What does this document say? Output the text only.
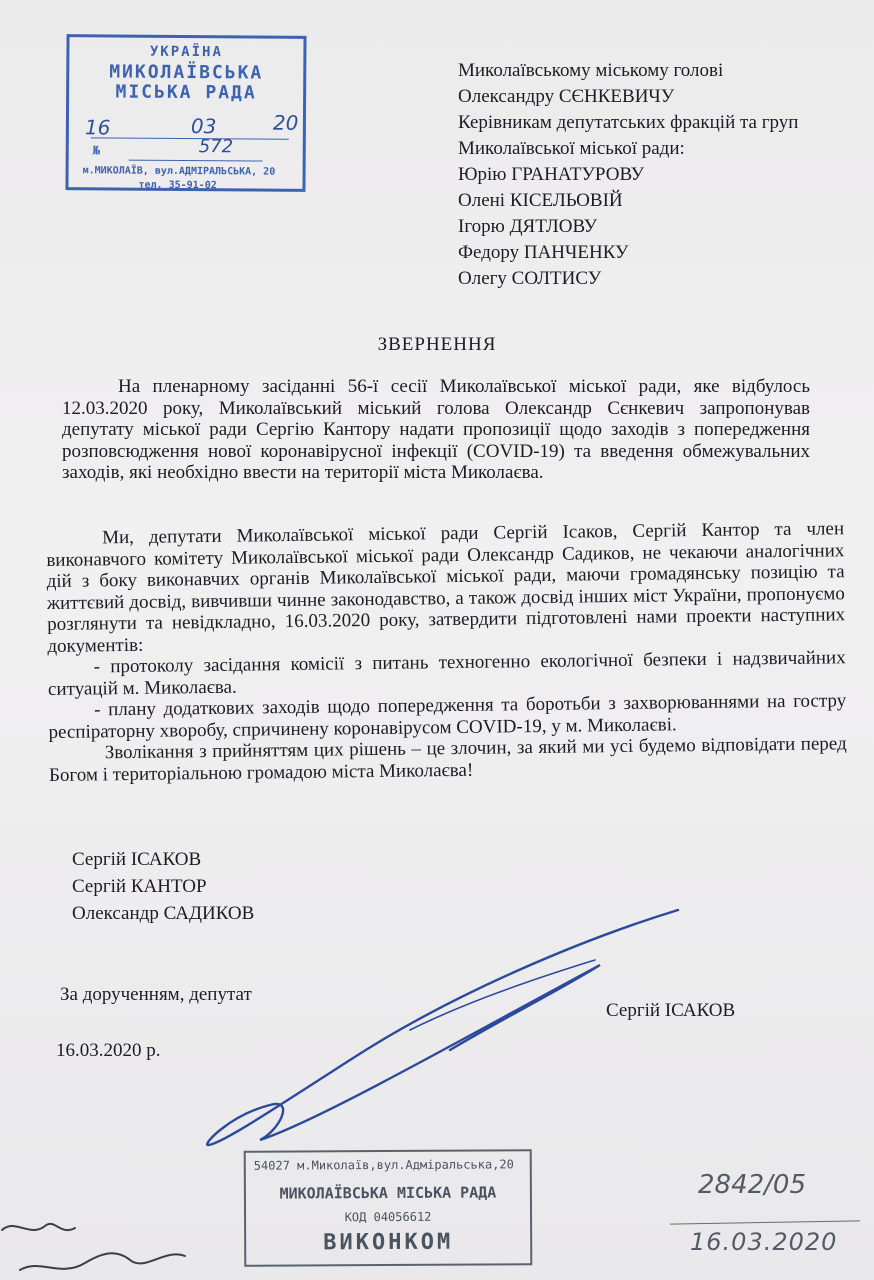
УКРАЇНА
МИКОЛАЇВСЬКА
МІСЬКА РАДА
16	03	20
№	572
м.МИКОЛАЇВ, вул.АДМІРАЛЬСЬКА, 20
тел. 35-91-02
Миколаївському міському голові
Олександру СЄНКЕВИЧУ
Керівникам депутатських фракцій та груп
Миколаївської міської ради:
Юрію ГРАНАТУРОВУ
Олені КІСЕЛЬОВІЙ
Ігорю ДЯТЛОВУ
Федору ПАНЧЕНКУ
Олегу СОЛТИСУ
ЗВЕРНЕННЯ
На пленарному засіданні 56-ї сесії Миколаївської міської ради, яке відбулось 12.03.2020 року, Миколаївський міський голова Олександр Сєнкевич запропонував депутату міської ради Сергію Кантору надати пропозиції щодо заходів з попередження розповсюдження нової коронавірусної інфекції (COVID-19) та введення обмежувальних заходів, які необхідно ввести на території міста Миколаєва.
Ми, депутати Миколаївської міської ради Сергій Ісаков, Сергій Кантор та член виконавчого комітету Миколаївської міської ради Олександр Садиков, не чекаючи аналогічних дій з боку виконавчих органів Миколаївської міської ради, маючи громадянську позицію та життєвий досвід, вивчивши чинне законодавство, а також досвід інших міст України, пропонуємо розглянути та невідкладно, 16.03.2020 року, затвердити підготовлені нами проекти наступних документів:
- протоколу засідання комісії з питань техногенно екологічної безпеки і надзвичайних ситуацій м. Миколаєва.
- плану додаткових заходів щодо попередження та боротьби з захворюваннями на гостру респіраторну хворобу, спричинену коронавірусом COVID-19, у м. Миколаєві.
Зволікання з прийняттям цих рішень – це злочин, за який ми усі будемо відповідати перед Богом і територіальною громадою міста Миколаєва!
Сергій ІСАКОВ
Сергій КАНТОР
Олександр САДИКОВ
За дорученням, депутат
Сергій ІСАКОВ
16.03.2020 р.
54027 м.Миколаїв,вул.Адміральська,20
МИКОЛАЇВСЬКА МІСЬКА РАДА
КОД 04056612
ВИКОНКОМ
2842/05
16.03.2020
